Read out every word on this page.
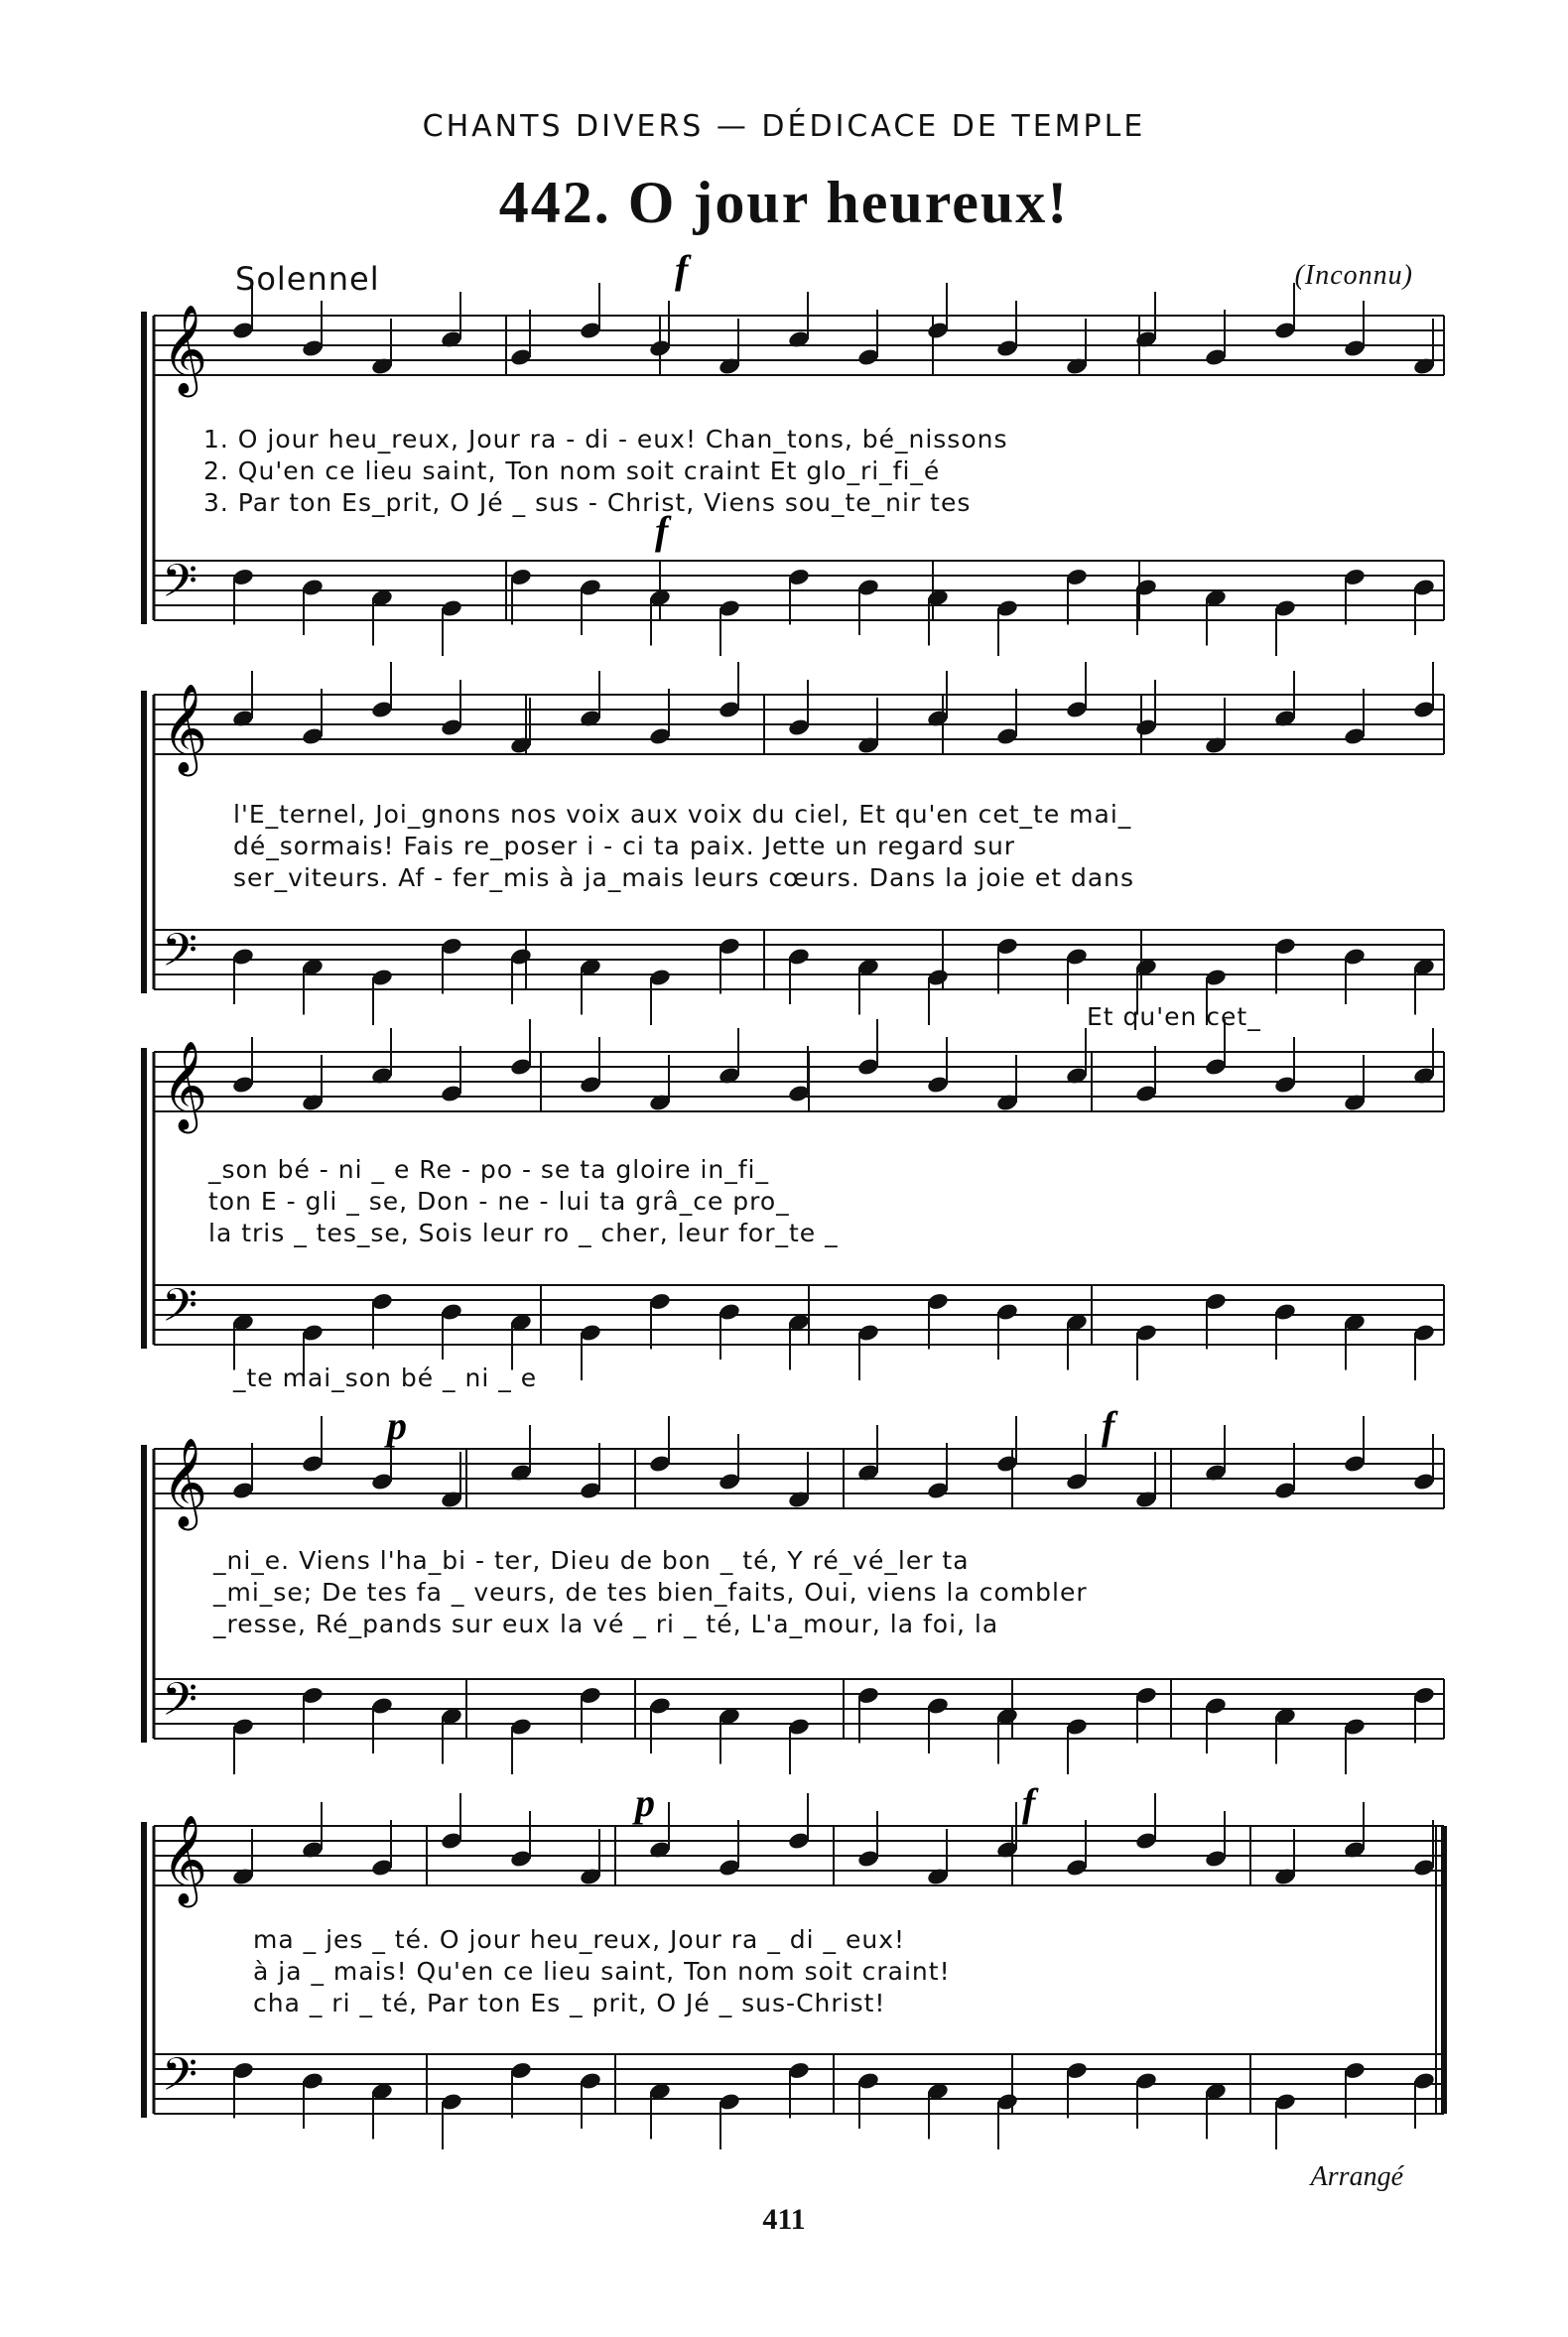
CHANTS DIVERS — DÉDICACE DE TEMPLE
442. O jour heureux!
Solennel	(Inconnu)
𝄞
𝄢
𝄞
𝄢
𝄞
𝄢
𝄞
𝄢
𝄞
𝄢
f
f
p	f
p	f
1. O jour heu_reux, Jour ra - di - eux! Chan_tons, bé_nissons
2. Qu'en ce lieu saint, Ton nom soit craint Et glo_ri_fi_é
3. Par ton Es_prit, O Jé _ sus - Christ, Viens sou_te_nir tes
l'E_ternel, Joi_gnons nos voix aux voix du ciel, Et qu'en cet_te mai_
dé_sormais! Fais re_poser i - ci ta paix. Jette un regard sur
ser_viteurs. Af - fer_mis à ja_mais leurs cœurs. Dans la joie et dans
Et qu'en cet_
_son bé - ni _ e Re - po - se ta gloire in_fi_
ton E - gli _ se, Don - ne - lui ta grâ_ce pro_
la tris _ tes_se, Sois leur ro _ cher, leur for_te _
_te mai_son bé _ ni _ e
_ni_e. Viens l'ha_bi - ter, Dieu de bon _ té, Y ré_vé_ler ta
_mi_se; De tes fa _ veurs, de tes bien_faits, Oui, viens la combler
_resse, Ré_pands sur eux la vé _ ri _ té, L'a_mour, la foi, la
ma _ jes _ té. O jour heu_reux, Jour ra _ di _ eux!
à ja _ mais! Qu'en ce lieu saint, Ton nom soit craint!
cha _ ri _ té, Par ton Es _ prit, O Jé _ sus-Christ!
Arrangé
411
